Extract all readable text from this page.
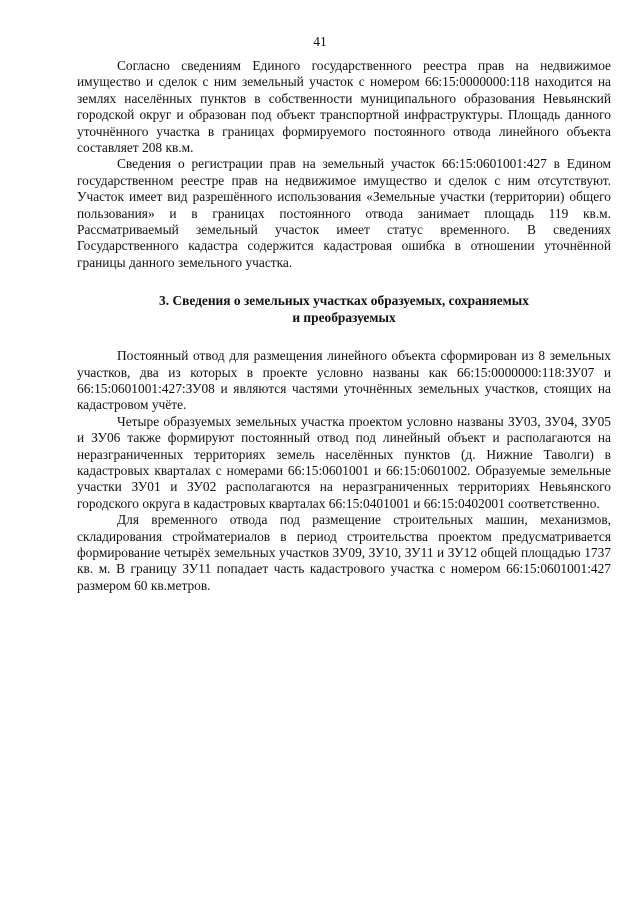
41

Согласно сведениям Единого государственного реестра прав на недвижимое имущество и сделок с ним земельный участок с номером 66:15:0000000:118 находится на землях населённых пунктов в собственности муниципального образования Невьянский городской округ и образован под объект транспортной инфраструктуры. Площадь данного уточнённого участка в границах формируемого постоянного отвода линейного объекта составляет 208 кв.м.

Сведения о регистрации прав на земельный участок 66:15:0601001:427 в Едином государственном реестре прав на недвижимое имущество и сделок с ним отсутствуют. Участок имеет вид разрешённого использования «Земельные участки (территории) общего пользования» и в границах постоянного отвода занимает площадь 119 кв.м. Рассматриваемый земельный участок имеет статус временного. В сведениях Государственного кадастра содержится кадастровая ошибка в отношении уточнённой границы данного земельного участка.

3. Сведения о земельных участках образуемых, сохраняемых
и преобразуемых

Постоянный отвод для размещения линейного объекта сформирован из 8 земельных участков, два из которых в проекте условно названы как 66:15:0000000:118:ЗУ07 и 66:15:0601001:427:ЗУ08 и являются частями уточнённых земельных участков, стоящих на кадастровом учёте.

Четыре образуемых земельных участка проектом условно названы ЗУ03, ЗУ04, ЗУ05 и ЗУ06 также формируют постоянный отвод под линейный объект и располагаются на неразграниченных территориях земель населённых пунктов (д. Нижние Таволги) в кадастровых кварталах с номерами 66:15:0601001 и 66:15:0601002. Образуемые земельные участки ЗУ01 и ЗУ02 располагаются на неразграниченных территориях Невьянского городского округа в кадастровых кварталах 66:15:0401001 и 66:15:0402001 соответственно.

Для временного отвода под размещение строительных машин, механизмов, складирования стройматериалов в период строительства проектом предусматривается формирование четырёх земельных участков ЗУ09, ЗУ10, ЗУ11 и ЗУ12 общей площадью 1737 кв. м. В границу ЗУ11 попадает часть кадастрового участка с номером 66:15:0601001:427 размером 60 кв.метров.
